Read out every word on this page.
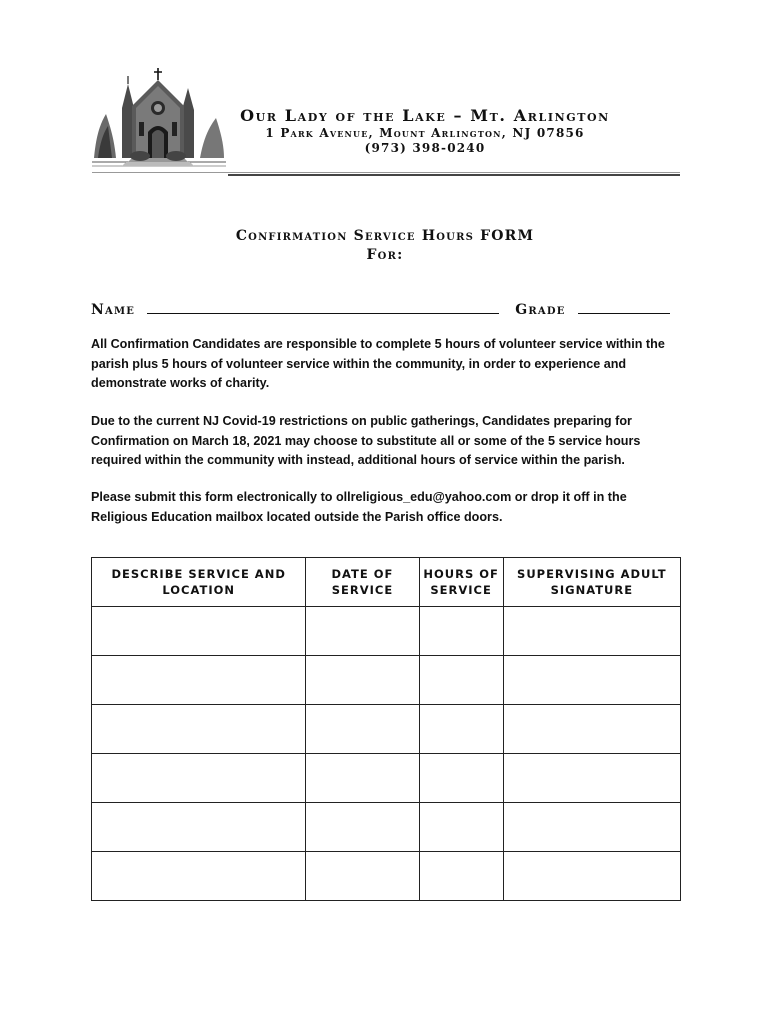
Our Lady of the Lake – Mt. Arlington
1 Park Avenue, Mount Arlington, NJ 07856
(973) 398-0240
Confirmation Service Hours FORM
For:
Name	Grade
All Confirmation Candidates are responsible to complete 5 hours of volunteer service within the parish plus 5 hours of volunteer service within the community, in order to experience and demonstrate works of charity.
Due to the current NJ Covid-19 restrictions on public gatherings, Candidates preparing for Confirmation on March 18, 2021 may choose to substitute all or some of the 5 service hours required within the community with instead, additional hours of service within the parish.
Please submit this form electronically to ollreligious_edu@yahoo.com or drop it off in the Religious Education mailbox located outside the Parish office doors.
DESCRIBE SERVICE AND LOCATION	DATE OF SERVICE	HOURS OF SERVICE	SUPERVISING ADULT SIGNATURE
